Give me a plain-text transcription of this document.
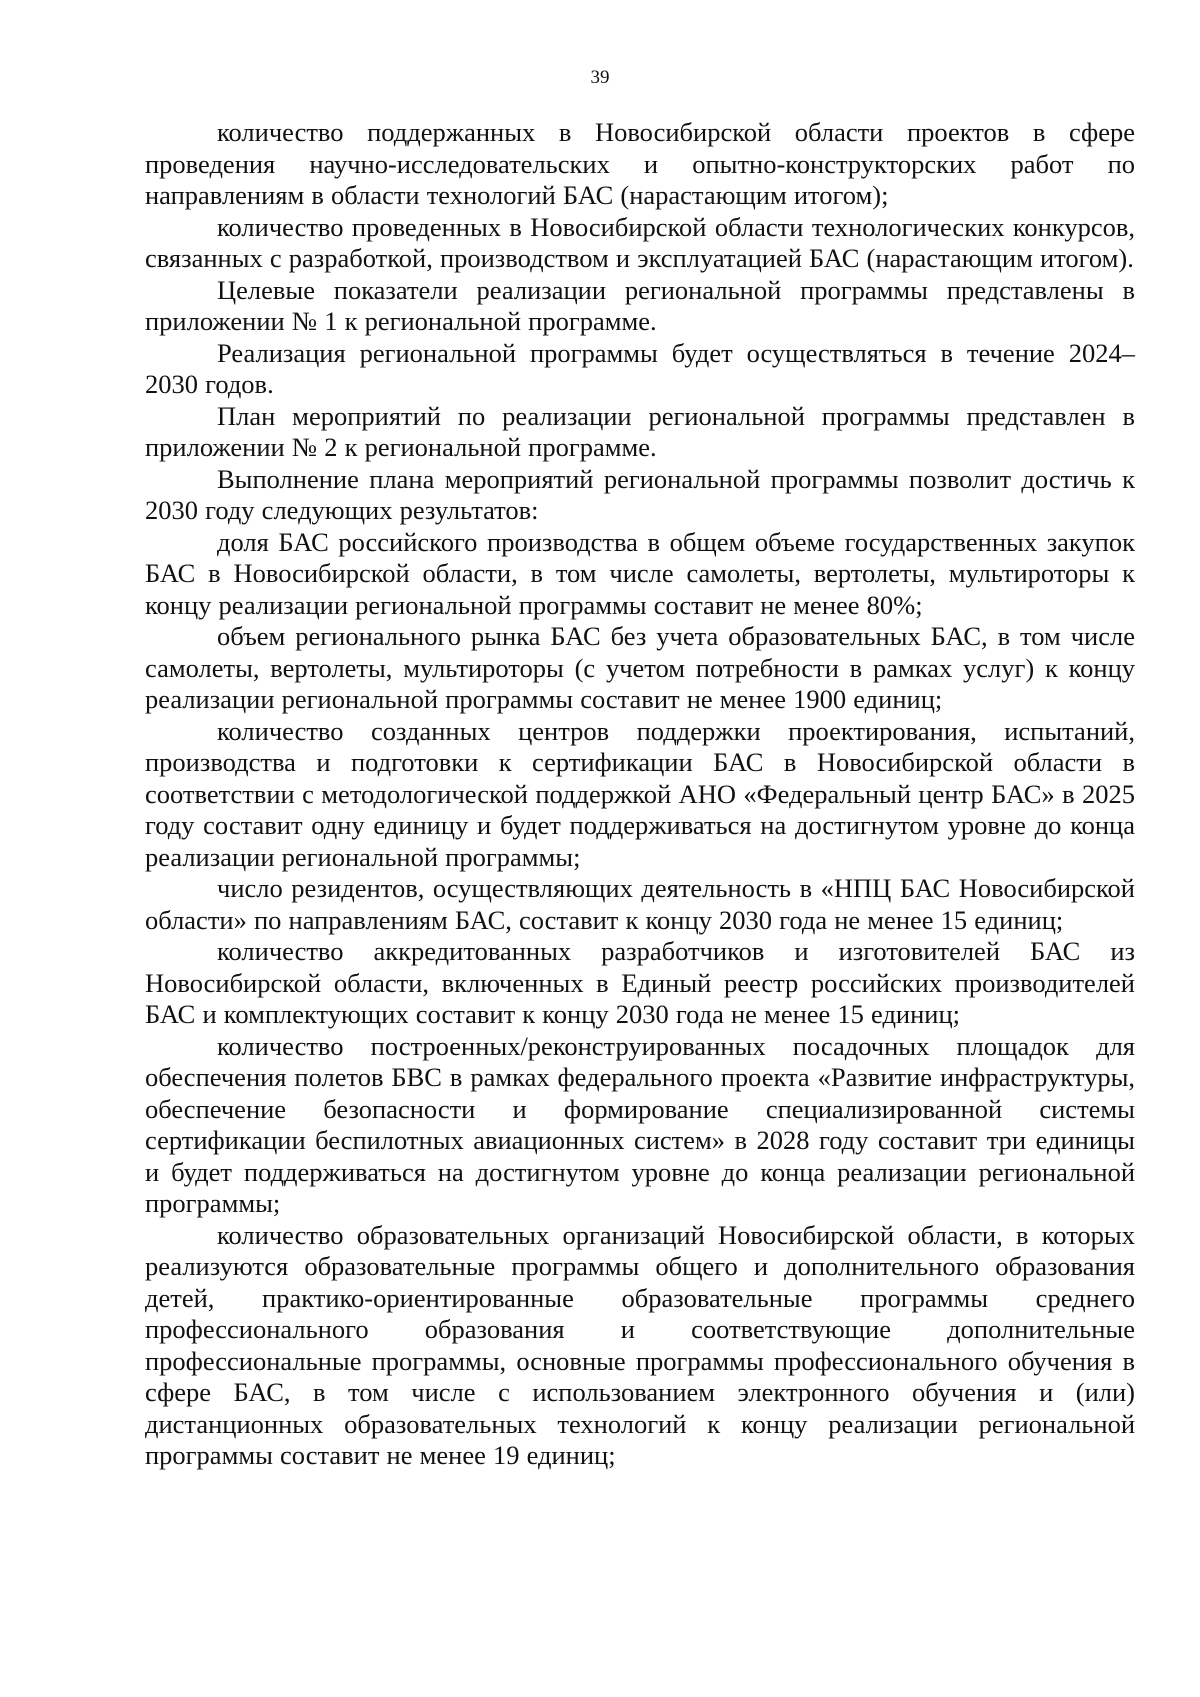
39

количество поддержанных в Новосибирской области проектов в сфере проведения научно-исследовательских и опытно-конструкторских работ по направлениям в области технологий БАС (нарастающим итогом);

количество проведенных в Новосибирской области технологических конкурсов, связанных с разработкой, производством и эксплуатацией БАС (нарастающим итогом).

Целевые показатели реализации региональной программы представлены в приложении № 1 к региональной программе.

Реализация региональной программы будет осуществляться в течение 2024–2030 годов.

План мероприятий по реализации региональной программы представлен в приложении № 2 к региональной программе.

Выполнение плана мероприятий региональной программы позволит достичь к 2030 году следующих результатов:

доля БАС российского производства в общем объеме государственных закупок БАС в Новосибирской области, в том числе самолеты, вертолеты, мультироторы к концу реализации региональной программы составит не менее 80%;

объем регионального рынка БАС без учета образовательных БАС, в том числе самолеты, вертолеты, мультироторы (с учетом потребности в рамках услуг) к концу реализации региональной программы составит не менее 1900 единиц;

количество созданных центров поддержки проектирования, испытаний, производства и подготовки к сертификации БАС в Новосибирской области в соответствии с методологической поддержкой АНО «Федеральный центр БАС» в 2025 году составит одну единицу и будет поддерживаться на достигнутом уровне до конца реализации региональной программы;

число резидентов, осуществляющих деятельность в «НПЦ БАС Новосибирской области» по направлениям БАС, составит к концу 2030 года не менее 15 единиц;

количество аккредитованных разработчиков и изготовителей БАС из Новосибирской области, включенных в Единый реестр российских производителей БАС и комплектующих составит к концу 2030 года не менее 15 единиц;

количество построенных/реконструированных посадочных площадок для обеспечения полетов БВС в рамках федерального проекта «Развитие инфраструктуры, обеспечение безопасности и формирование специализированной системы сертификации беспилотных авиационных систем» в 2028 году составит три единицы и будет поддерживаться на достигнутом уровне до конца реализации региональной программы;

количество образовательных организаций Новосибирской области, в которых реализуются образовательные программы общего и дополнительного образования детей, практико-ориентированные образовательные программы среднего профессионального образования и соответствующие дополнительные профессиональные программы, основные программы профессионального обучения в сфере БАС, в том числе с использованием электронного обучения и (или) дистанционных образовательных технологий к концу реализации региональной программы составит не менее 19 единиц;
